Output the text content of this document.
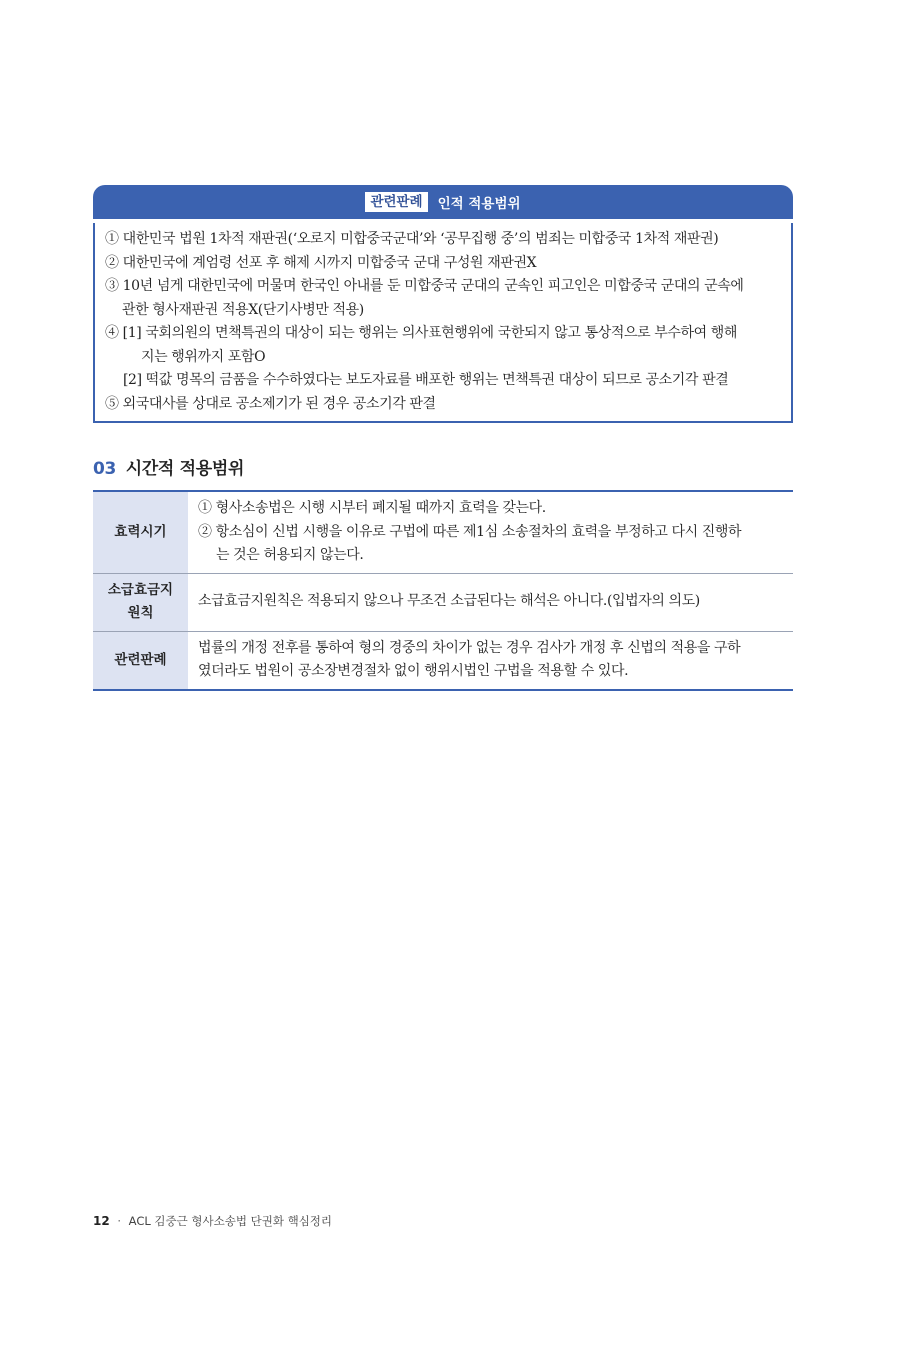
관련판례	인적 적용범위
① 대한민국 법원 1차적 재판권(‘오로지 미합중국군대’와 ‘공무집행 중’의 범죄는 미합중국 1차적 재판권)
② 대한민국에 계엄령 선포 후 해제 시까지 미합중국 군대 구성원 재판권X
③ 10년 넘게 대한민국에 머물며 한국인 아내를 둔 미합중국 군대의 군속인 피고인은 미합중국 군대의 군속에
관한 형사재판권 적용X(단기사병만 적용)
④ [1] 국회의원의 면책특권의 대상이 되는 행위는 의사표현행위에 국한되지 않고 통상적으로 부수하여 행해
지는 행위까지 포함O
[2] 떡값 명목의 금품을 수수하였다는 보도자료를 배포한 행위는 면책특권 대상이 되므로 공소기각 판결
⑤ 외국대사를 상대로 공소제기가 된 경우 공소기각 판결
03 시간적 적용범위
효력시기	① 형사소송법은 시행 시부터 폐지될 때까지 효력을 갖는다.
② 항소심이 신법 시행을 이유로 구법에 따른 제1심 소송절차의 효력을 부정하고 다시 진행하
는 것은 허용되지 않는다.

소급효금지
원칙	소급효금지원칙은 적용되지 않으나 무조건 소급된다는 해석은 아니다.(입법자의 의도)

관련판례	법률의 개정 전후를 통하여 형의 경중의 차이가 없는 경우 검사가 개정 후 신법의 적용을 구하
였더라도 법원이 공소장변경절차 없이 행위시법인 구법을 적용할 수 있다.
12 · ACL 김중근 형사소송법 단권화 핵심정리
